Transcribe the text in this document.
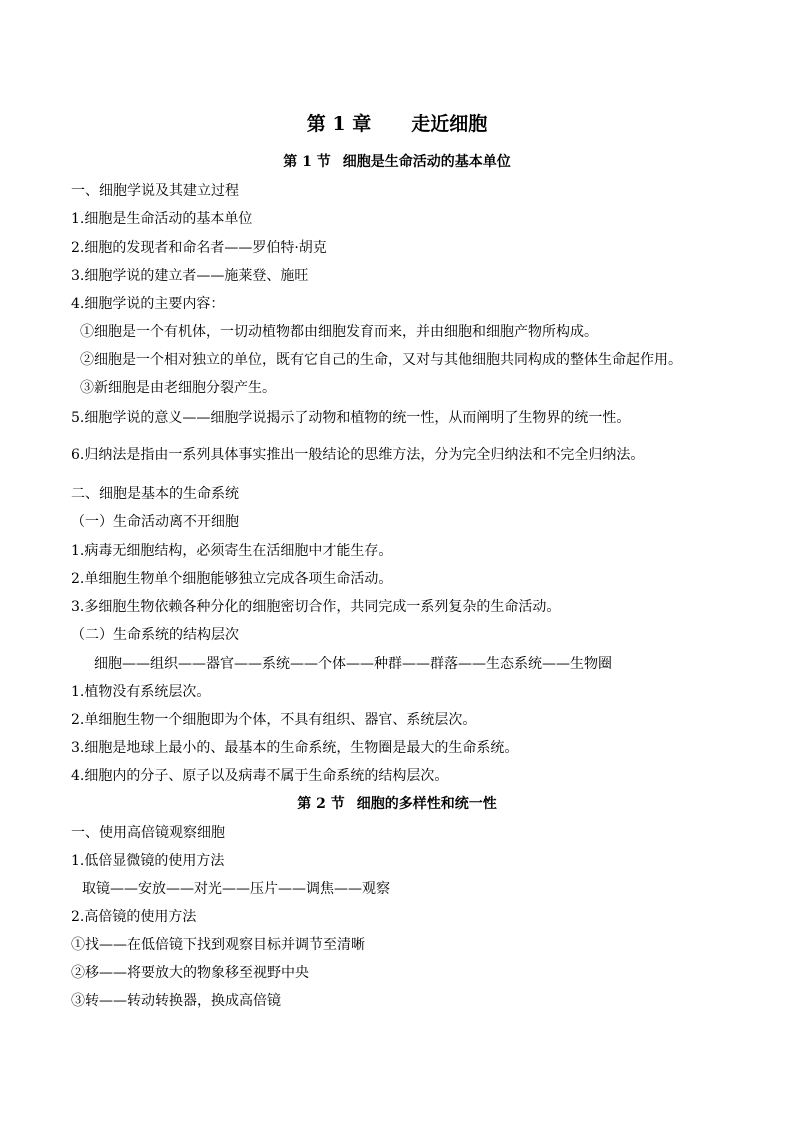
第 1 章 走近细胞
第 1 节 细胞是生命活动的基本单位
一、细胞学说及其建立过程
1.细胞是生命活动的基本单位
2.细胞的发现者和命名者——罗伯特·胡克
3.细胞学说的建立者——施莱登、施旺
4.细胞学说的主要内容：
①细胞是一个有机体，一切动植物都由细胞发育而来，并由细胞和细胞产物所构成。
②细胞是一个相对独立的单位，既有它自己的生命，又对与其他细胞共同构成的整体生命起作用。
③新细胞是由老细胞分裂产生。
5.细胞学说的意义——细胞学说揭示了动物和植物的统一性，从而阐明了生物界的统一性。
6.归纳法是指由一系列具体事实推出一般结论的思维方法，分为完全归纳法和不完全归纳法。
二、细胞是基本的生命系统
（一）生命活动离不开细胞
1.病毒无细胞结构，必须寄生在活细胞中才能生存。
2.单细胞生物单个细胞能够独立完成各项生命活动。
3.多细胞生物依赖各种分化的细胞密切合作，共同完成一系列复杂的生命活动。
（二）生命系统的结构层次
细胞——组织——器官——系统——个体——种群——群落——生态系统——生物圈
1.植物没有系统层次。
2.单细胞生物一个细胞即为个体，不具有组织、器官、系统层次。
3.细胞是地球上最小的、最基本的生命系统，生物圈是最大的生命系统。
4.细胞内的分子、原子以及病毒不属于生命系统的结构层次。
第 2 节 细胞的多样性和统一性
一、使用高倍镜观察细胞
1.低倍显微镜的使用方法
取镜——安放——对光——压片——调焦——观察
2.高倍镜的使用方法
①找——在低倍镜下找到观察目标并调节至清晰
②移——将要放大的物象移至视野中央
③转——转动转换器，换成高倍镜
